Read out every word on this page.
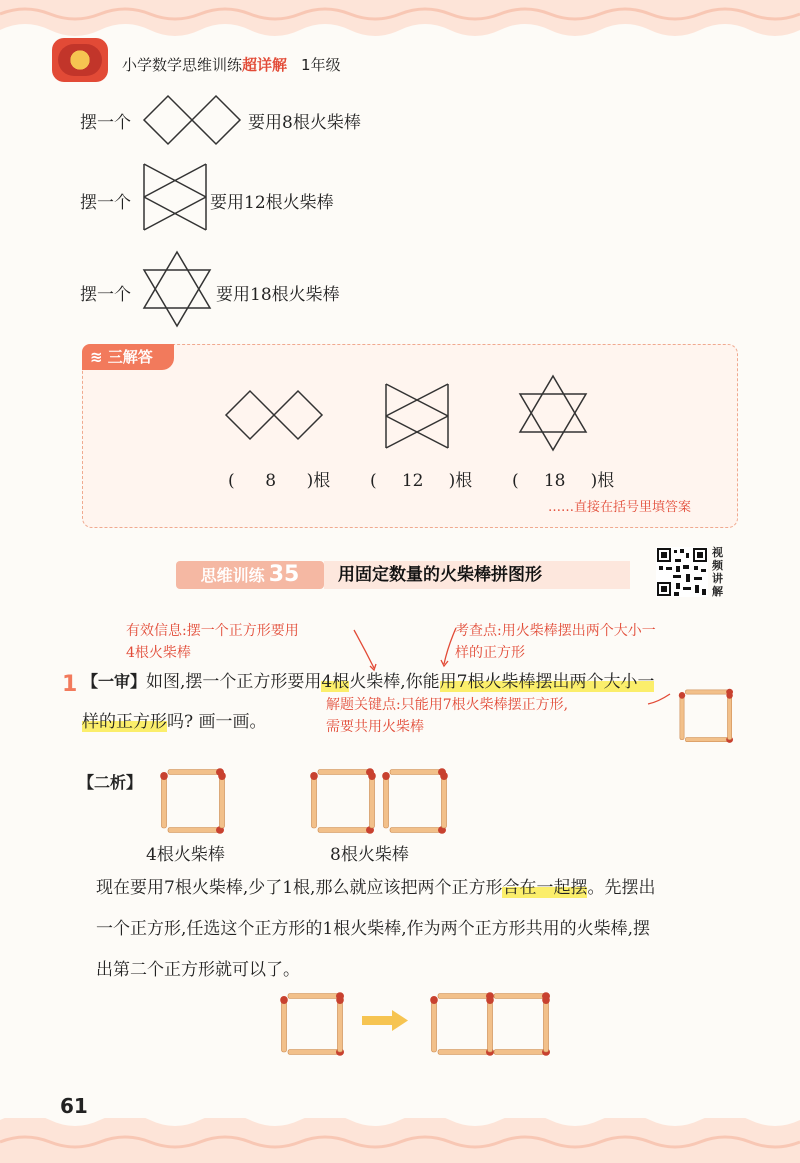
小学数学思维训练超详解 1年级
摆一个	要用8根火柴棒
摆一个	要用12根火柴棒
摆一个	要用18根火柴棒
≋ 三解答
( 8 )根 ( 12 )根 ( 18 )根
……直接在括号里填答案
思维训练 35	用固定数量的火柴棒拼图形
视
频
讲
解
有效信息:摆一个正方形要用
4根火柴棒
考查点:用火柴棒摆出两个大小一
样的正方形
1 【一审】如图,摆一个正方形要用4根火柴棒,你能用7根火柴棒摆出两个大小一
样的正方形吗? 画一画。
解题关键点:只能用7根火柴棒摆正方形,
需要共用火柴棒
【二析】
4根火柴棒	8根火柴棒
现在要用7根火柴棒,少了1根,那么就应该把两个正方形合在一起摆。先摆出
一个正方形,任选这个正方形的1根火柴棒,作为两个正方形共用的火柴棒,摆
出第二个正方形就可以了。
61
